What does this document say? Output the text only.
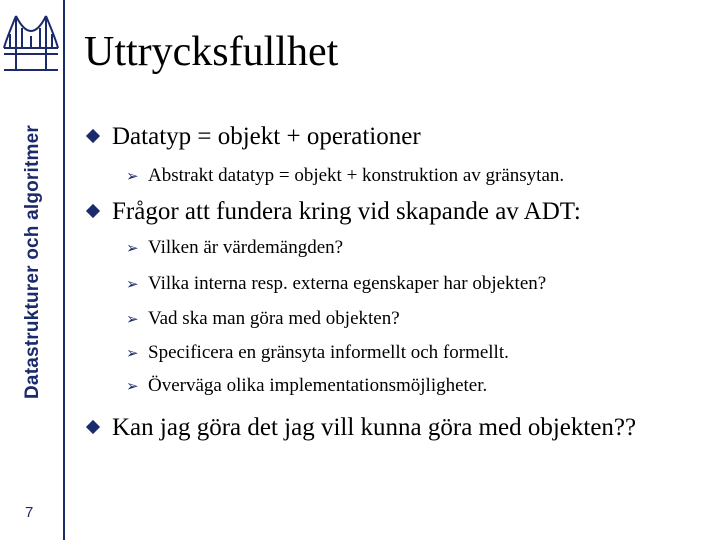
Datastrukturer och algoritmer
7
Uttrycksfullhet
Datatyp = objekt + operationer
➢ Abstrakt datatyp = objekt + konstruktion av gränsytan.
Frågor att fundera kring vid skapande av ADT:
➢ Vilken är värdemängden?
➢ Vilka interna resp. externa egenskaper har objekten?
➢ Vad ska man göra med objekten?
➢ Specificera en gränsyta informellt och formellt.
➢ Överväga olika implementationsmöjligheter.
Kan jag göra det jag vill kunna göra med objekten??
